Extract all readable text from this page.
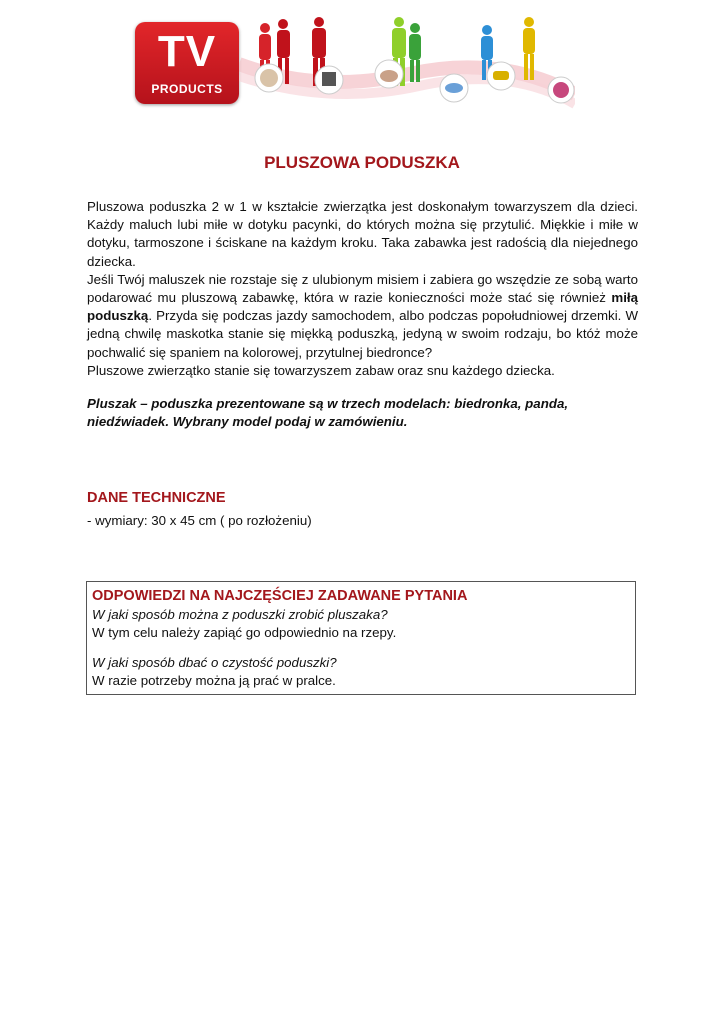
TV
PRODUCTS
PLUSZOWA PODUSZKA

Pluszowa poduszka 2 w 1 w kształcie zwierzątka jest doskonałym towarzyszem dla dzieci. Każdy maluch lubi miłe w dotyku pacynki, do których można się przytulić. Miękkie i miłe w dotyku, tarmoszone i ściskane na każdym kroku. Taka zabawka jest radością dla niejednego dziecka.

Jeśli Twój maluszek nie rozstaje się z ulubionym misiem i zabiera go wszędzie ze sobą warto podarować mu pluszową zabawkę, która w razie konieczności może stać się również miłą poduszką. Przyda się podczas jazdy samochodem, albo podczas popołudniowej drzemki. W jedną chwilę maskotka stanie się miękką poduszką, jedyną w swoim rodzaju, bo któż może pochwalić się spaniem na kolorowej, przytulnej biedronce?

Pluszowe zwierzątko stanie się towarzyszem zabaw oraz snu każdego dziecka.

Pluszak – poduszka prezentowane są w trzech modelach: biedronka, panda, niedźwiadek. Wybrany model podaj w zamówieniu.
DANE TECHNICZNE
- wymiary: 30 x 45 cm ( po rozłożeniu)
ODPOWIEDZI NA NAJCZĘŚCIEJ ZADAWANE PYTANIA
W jaki sposób można z poduszki zrobić pluszaka?
W tym celu należy zapiąć go odpowiednio na rzepy.
W jaki sposób dbać o czystość poduszki?
W razie potrzeby można ją prać w pralce.
